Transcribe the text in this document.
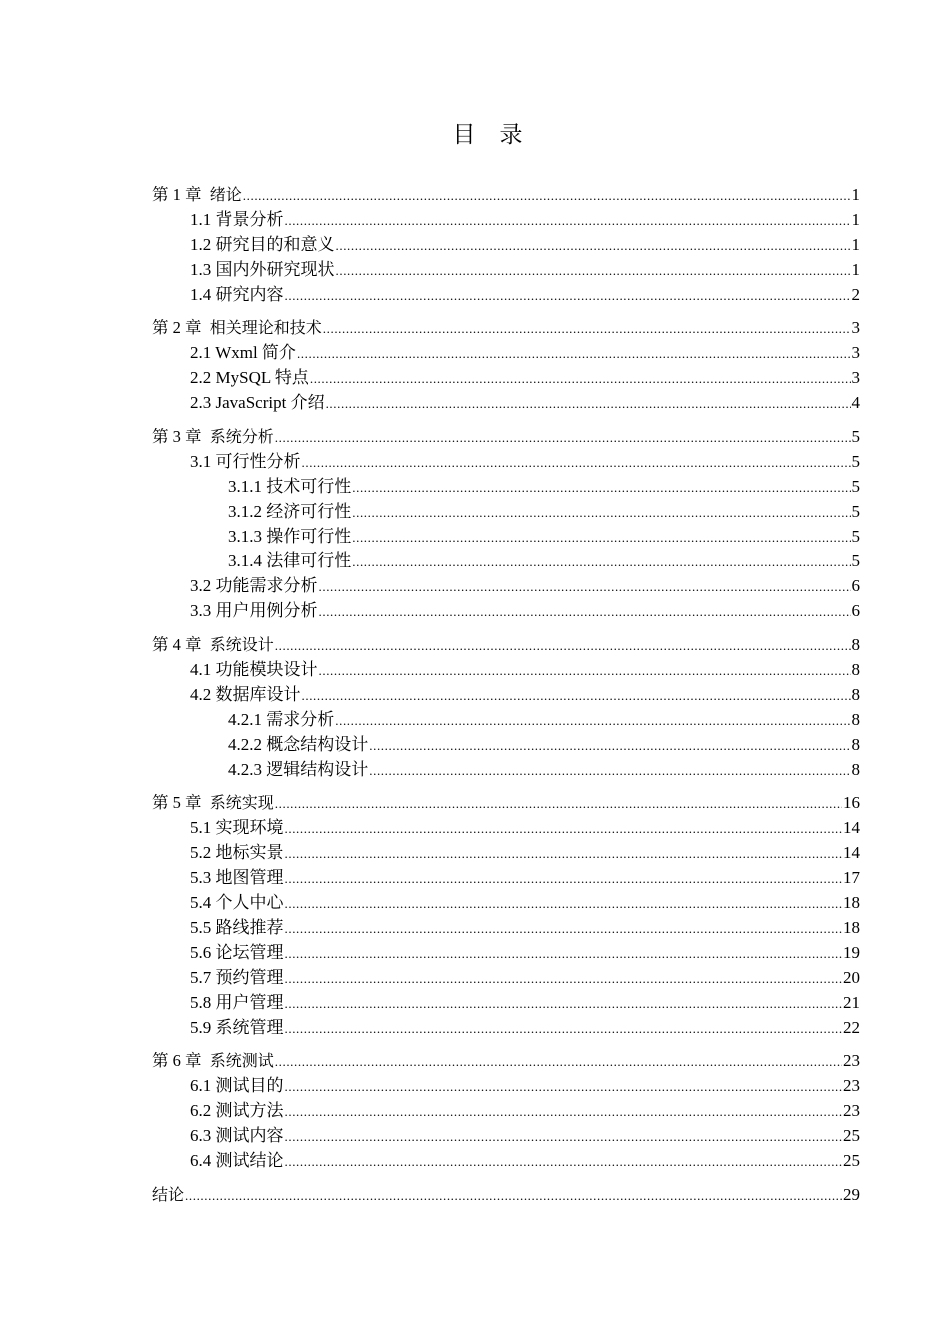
目 录
第 1 章 绪论 .....	1
1.1 背景分析 .....	1
1.2 研究目的和意义 .....	1
1.3 国内外研究现状 .....	1
1.4 研究内容 .....	2
第 2 章 相关理论和技术 .....	3
2.1 Wxml 简介 .....	3
2.2 MySQL 特点 .....	3
2.3 JavaScript 介绍 .....	4
第 3 章 系统分析 .....	5
3.1 可行性分析 .....	5
3.1.1 技术可行性 .....	5
3.1.2 经济可行性 .....	5
3.1.3 操作可行性 .....	5
3.1.4 法律可行性 .....	5
3.2 功能需求分析 .....	6
3.3 用户用例分析 .....	6
第 4 章 系统设计 .....	8
4.1 功能模块设计 .....	8
4.2 数据库设计 .....	8
4.2.1 需求分析 .....	8
4.2.2 概念结构设计 .....	8
4.2.3 逻辑结构设计 .....	8
第 5 章 系统实现 .....	16
5.1 实现环境 .....	14
5.2 地标实景 .....	14
5.3 地图管理 .....	17
5.4 个人中心 .....	18
5.5 路线推荐 .....	18
5.6 论坛管理 .....	19
5.7 预约管理 .....	20
5.8 用户管理 .....	21
5.9 系统管理 .....	22
第 6 章 系统测试 .....	23
6.1 测试目的 .....	23
6.2 测试方法 .....	23
6.3 测试内容 .....	25
6.4 测试结论 .....	25
结论 .....	29
